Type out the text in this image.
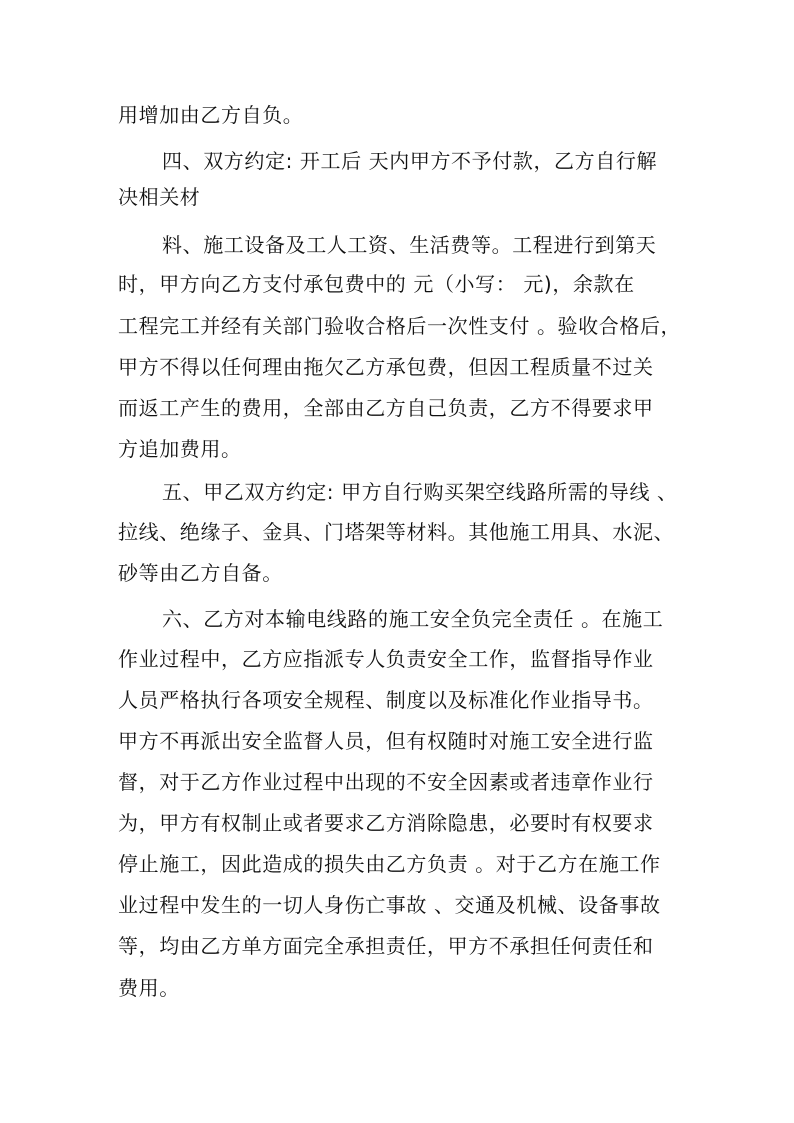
用增加由乙方自负。
四、双方约定: 开工后 天内甲方不予付款，乙方自行解
决相关材
料、施工设备及工人工资、生活费等。工程进行到第天
时，甲方向乙方支付承包费中的 元（小写： 元)，余款在
工程完工并经有关部门验收合格后一次性支付 。验收合格后，
甲方不得以任何理由拖欠乙方承包费，但因工程质量不过关
而返工产生的费用，全部由乙方自己负责，乙方不得要求甲
方追加费用。
五、甲乙双方约定: 甲方自行购买架空线路所需的导线 、
拉线、绝缘子、金具、门塔架等材料。其他施工用具、水泥、
砂等由乙方自备。
六、乙方对本输电线路的施工安全负完全责任 。在施工
作业过程中，乙方应指派专人负责安全工作，监督指导作业
人员严格执行各项安全规程、制度以及标准化作业指导书。
甲方不再派出安全监督人员，但有权随时对施工安全进行监
督，对于乙方作业过程中出现的不安全因素或者违章作业行
为，甲方有权制止或者要求乙方消除隐患，必要时有权要求
停止施工，因此造成的损失由乙方负责 。对于乙方在施工作
业过程中发生的一切人身伤亡事故 、交通及机械、设备事故
等，均由乙方单方面完全承担责任，甲方不承担任何责任和
费用。
